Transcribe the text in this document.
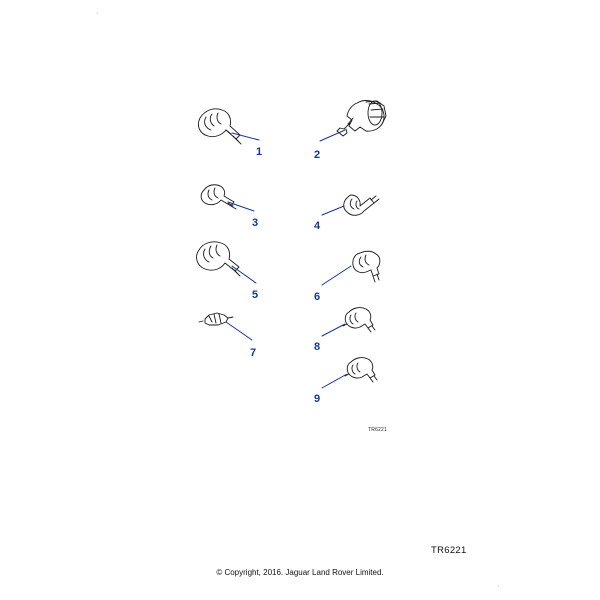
·
·
1	2
3	4
5	6
7	8
9
TR6221
TR6221
© Copyright, 2016. Jaguar Land Rover Limited.
